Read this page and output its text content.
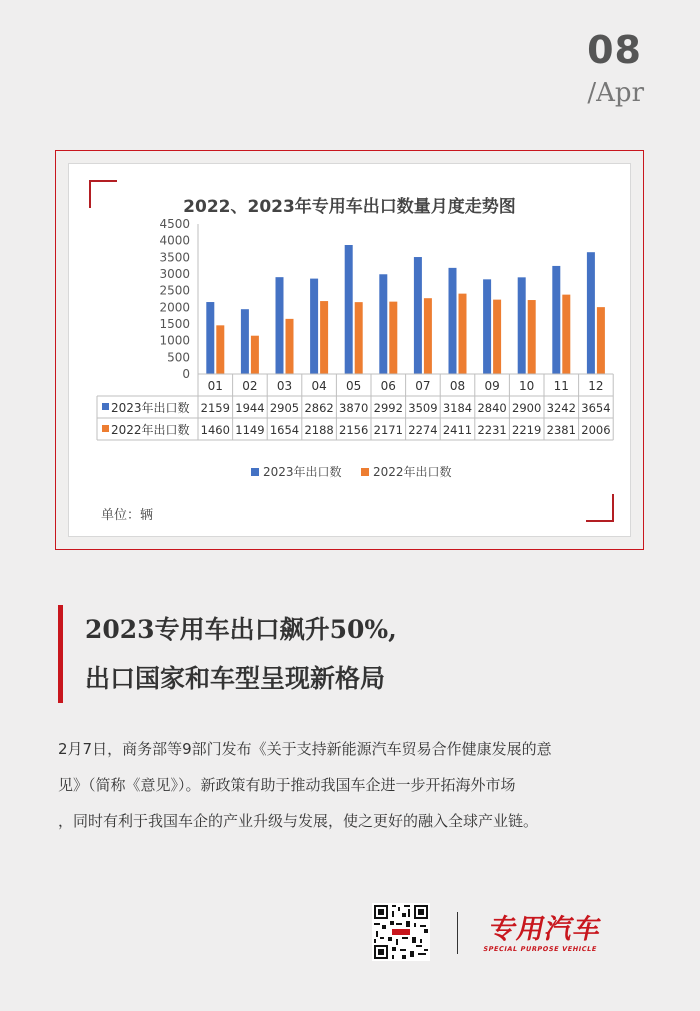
08
/Apr
2022、2023年专用车出口数量月度走势图
0
500
1000
1500
2000
2500
3000
3500
4000
4500
01 02 03 04 05 06 07 08 09 10 11 12
2023年出口数 2159 1944 2905 2862 3870 2992 3509 3184 2840 2900 3242 3654
2022年出口数 1460 1149 1654 2188 2156 2171 2274 2411 2231 2219 2381 2006
2023年出口数	2022年出口数
单位：辆
2023专用车出口飙升50%,
出口国家和车型呈现新格局
2月7日，商务部等9部门发布《关于支持新能源汽车贸易合作健康发展的意
见》（简称《意见》）。新政策有助于推动我国车企进一步开拓海外市场
，同时有利于我国车企的产业升级与发展，使之更好的融入全球产业链。
专用汽车
SPECIAL PURPOSE VEHICLE
